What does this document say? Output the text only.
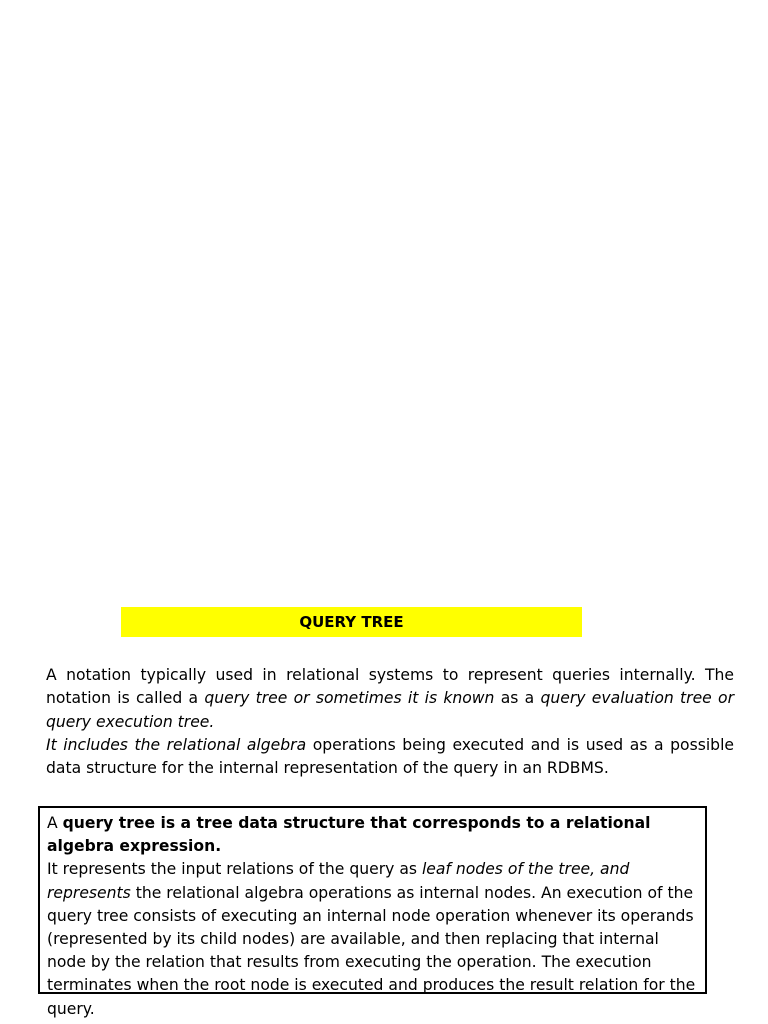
QUERY TREE

A notation typically used in relational systems to represent queries internally. The notation is called a query tree or sometimes it is known as a query evaluation tree or query execution tree.

It includes the relational algebra operations being executed and is used as a possible data structure for the internal representation of the query in an RDBMS.

A query tree is a tree data structure that corresponds to a relational algebra expression.

It represents the input relations of the query as leaf nodes of the tree, and represents the relational algebra operations as internal nodes. An execution of the query tree consists of executing an internal node operation whenever its operands (represented by its child nodes) are available, and then replacing that internal node by the relation that results from executing the operation. The execution terminates when the root node is executed and produces the result relation for the query.
